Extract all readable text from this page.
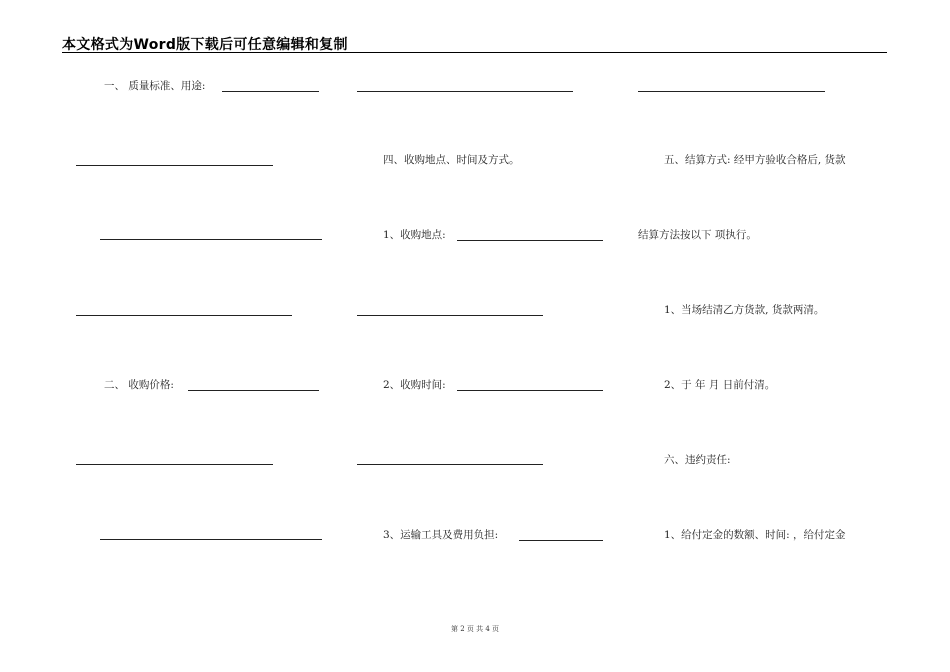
本文格式为Word版下载后可任意编辑和复制
一、 质量标准、用途:
二、 收购价格:
四、收购地点、时间及方式。
1、收购地点:
2、收购时间:
3、运输工具及费用负担:
五、结算方式: 经甲方验收合格后, 货款
结算方法按以下 项执行。
1、当场结清乙方货款, 货款两清。
2、于 年 月 日前付清。
六、违约责任:
1、给付定金的数额、时间: ，给付定金
第 2 页 共 4 页
